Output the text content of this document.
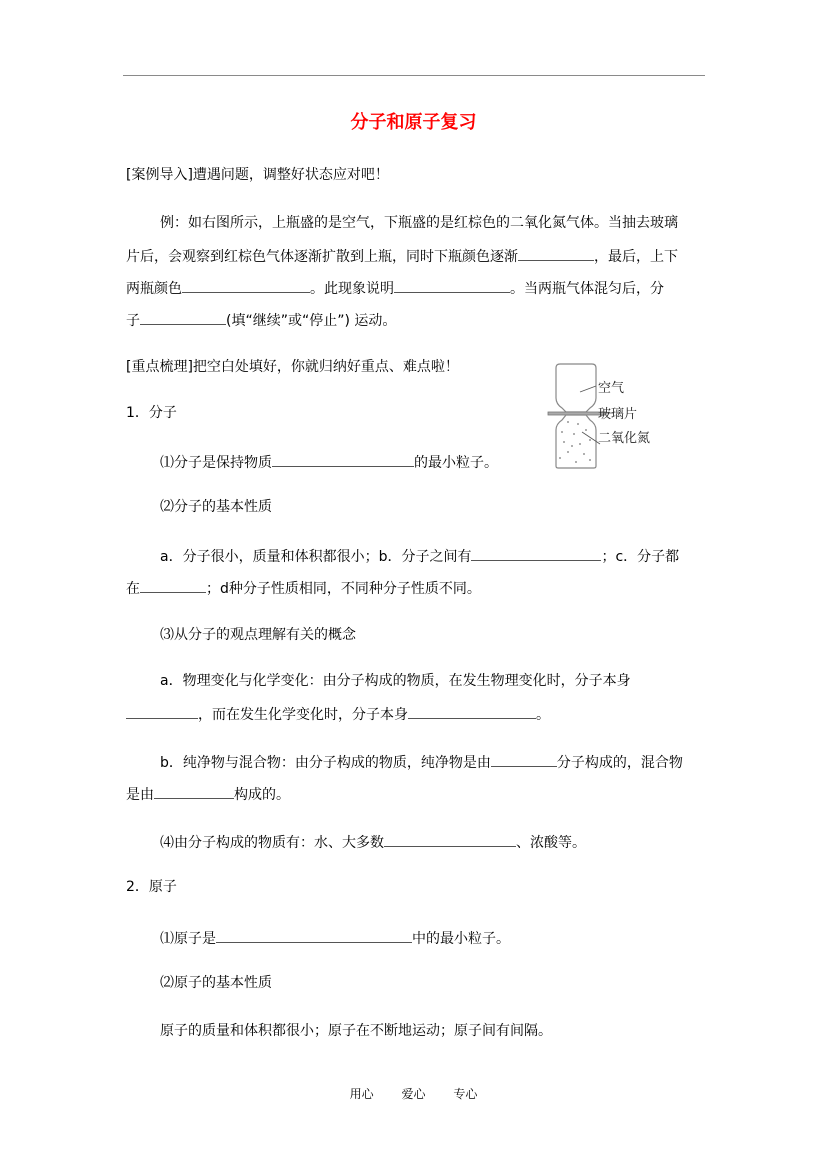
分子和原子复习
[案例导入]遭遇问题，调整好状态应对吧！
例：如右图所示，上瓶盛的是空气，下瓶盛的是红棕色的二氧化氮气体。当抽去玻璃
片后，会观察到红棕色气体逐渐扩散到上瓶，同时下瓶颜色逐渐	，最后，上下
两瓶颜色	。此现象说明	。当两瓶气体混匀后，分
子	(填“继续”或“停止”) 运动。
[重点梳理]把空白处填好，你就归纳好重点、难点啦！
空气
玻璃片
二氧化氮
1．分子
⑴分子是保持物质	的最小粒子。
⑵分子的基本性质
a．分子很小，质量和体积都很小；b．分子之间有	；c．分子都
在	；d种分子性质相同，不同种分子性质不同。
⑶从分子的观点理解有关的概念
a．物理变化与化学变化：由分子构成的物质，在发生物理变化时，分子本身
，而在发生化学变化时，分子本身	。
b．纯净物与混合物：由分子构成的物质，纯净物是由	分子构成的，混合物
是由	构成的。
⑷由分子构成的物质有：水、大多数	、浓酸等。
2．原子
⑴原子是	中的最小粒子。
⑵原子的基本性质
原子的质量和体积都很小；原子在不断地运动；原子间有间隔。
用心 爱心 专心
